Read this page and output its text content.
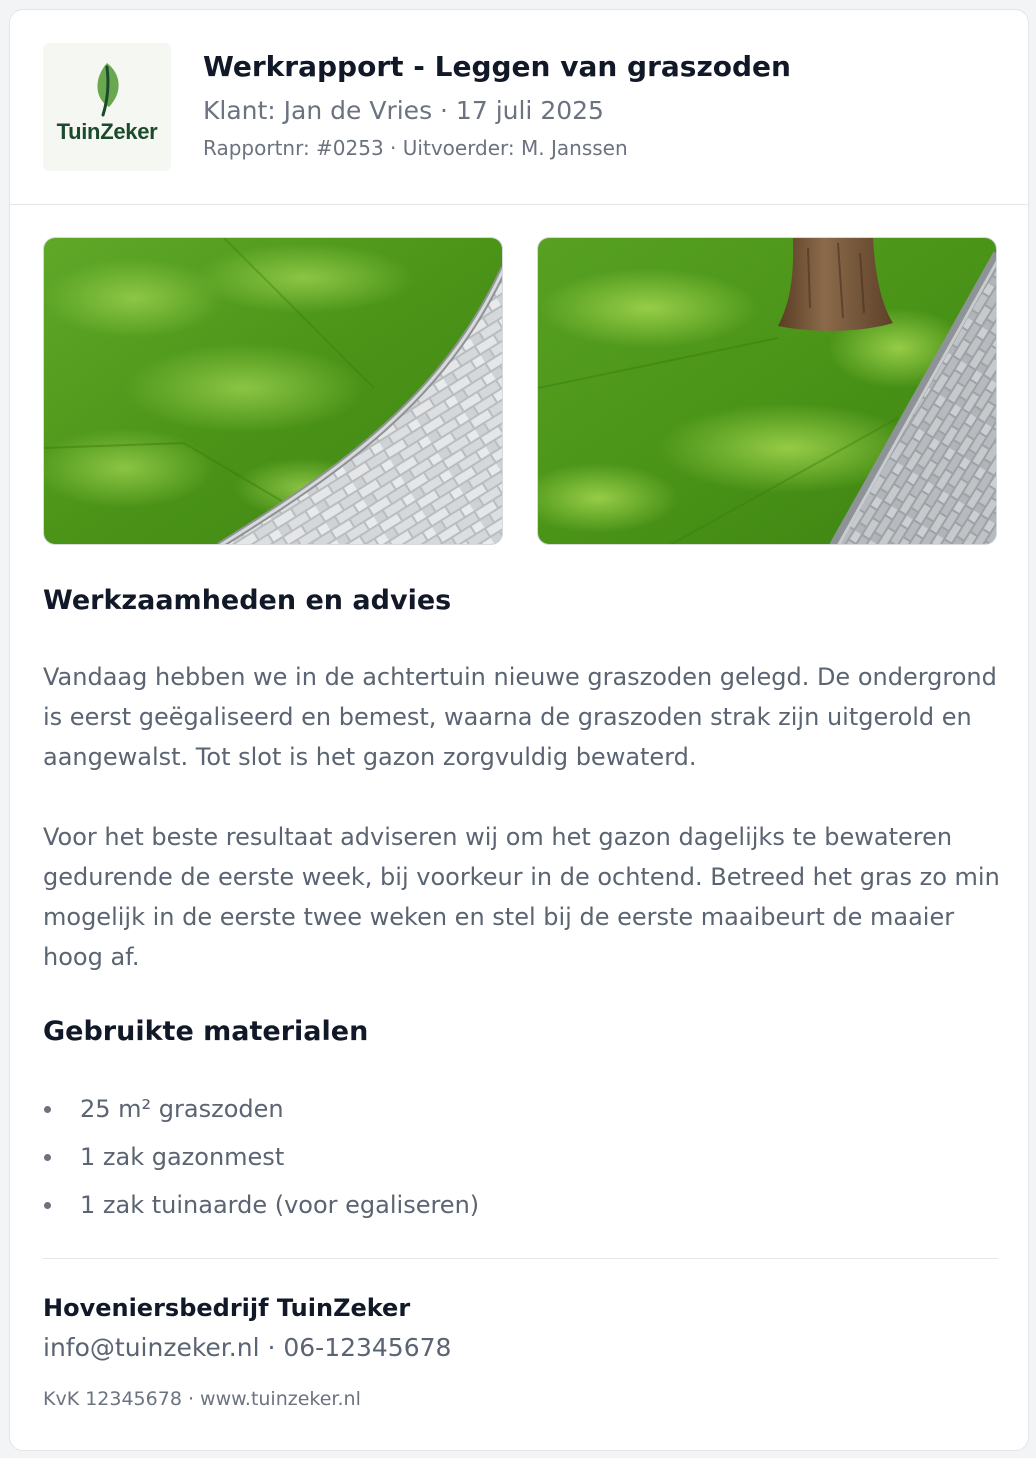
TuinZeker
Werkrapport - Leggen van graszoden
Klant: Jan de Vries · 17 juli 2025
Rapportnr: #0253 · Uitvoerder: M. Janssen
Werkzaamheden en advies

Vandaag hebben we in de achtertuin nieuwe graszoden gelegd. De ondergrond is eerst geëgaliseerd en bemest, waarna de graszoden strak zijn uitgerold en aangewalst. Tot slot is het gazon zorgvuldig bewaterd.

Voor het beste resultaat adviseren wij om het gazon dagelijks te bewateren gedurende de eerste week, bij voorkeur in de ochtend. Betreed het gras zo min mogelijk in de eerste twee weken en stel bij de eerste maaibeurt de maaier hoog af.

Gebruikte materialen
25 m² graszoden
1 zak gazonmest
1 zak tuinaarde (voor egaliseren)
Hoveniersbedrijf TuinZeker
info@tuinzeker.nl · 06-12345678
KvK 12345678 · www.tuinzeker.nl
